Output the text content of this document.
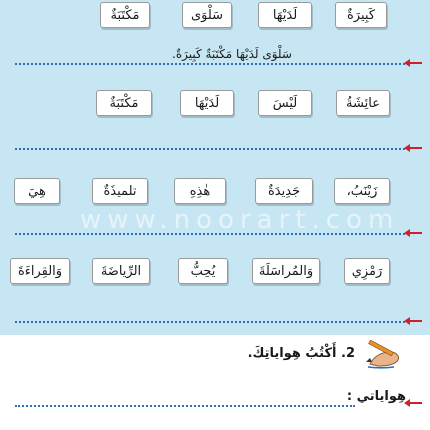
مَكْتَبَةٌ	سَلْوَى	لَدَيْهَا	كَبِيرَةٌ
سَلْوَى لَدَيْهَا مَكْتَبَةٌ كَبِيرَةٌ.
مَكْتَبَةٌ	لَدَيْهَا	لَيْسَ	عائِشَةُ
هِيَ	تلميذَةٌ	هٰذِهِ	جَدِيدَةٌ	زَيْنَبُ،
www.noorart.com
وَالقِراءَةَ	الرِّياضَةَ	يُحِبُّ	وَالمُراسَلَةَ	رَمْزِي
2. أَكْتُبُ هِواياتِكَ.
هِواياتي :
